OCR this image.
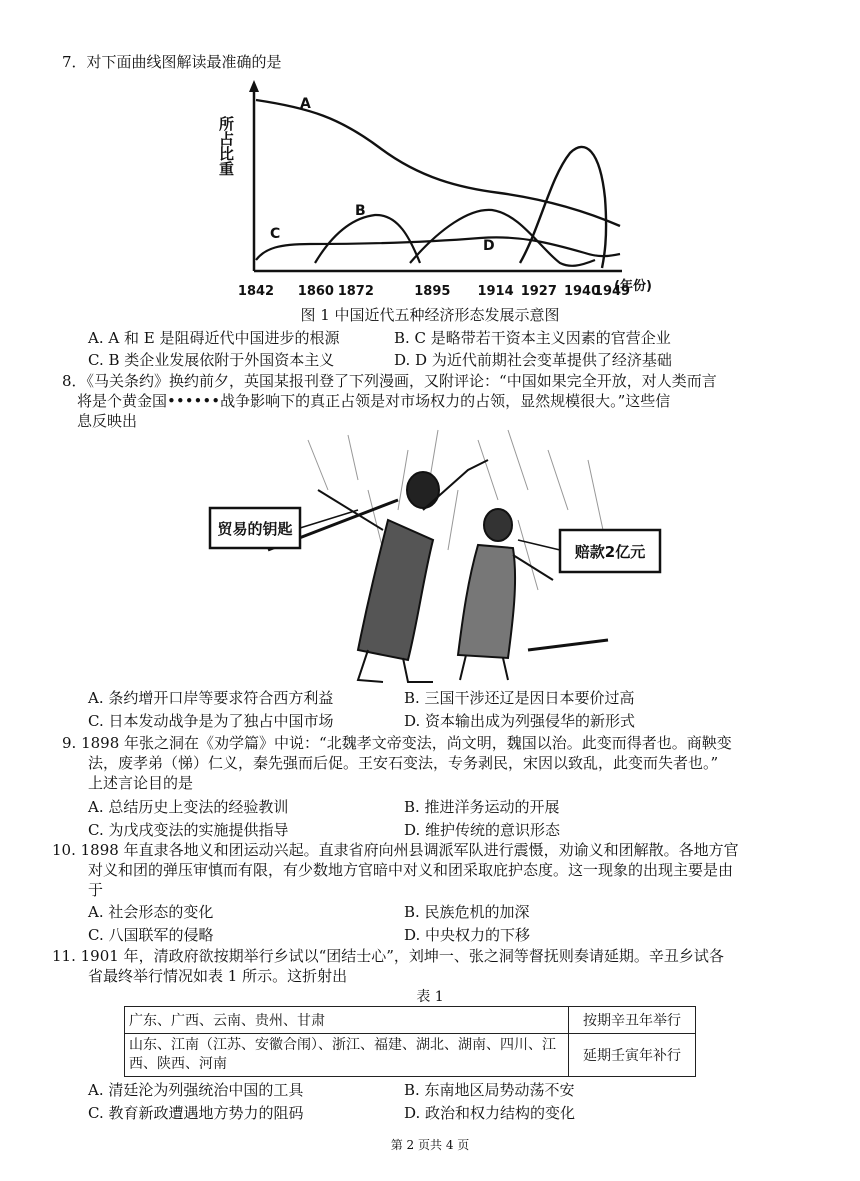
7．对下面曲线图解读最准确的是
所占比重
A
B
C
D
1842 1860 1872	1895 1914 1927 1940
1949
(年份)
图 1 中国近代五种经济形态发展示意图
A. A 和 E 是阻碍近代中国进步的根源	B. C 是略带若干资本主义因素的官营企业
C. B 类企业发展依附于外国资本主义	D. D 为近代前期社会变革提供了经济基础
8．《马关条约》换约前夕，英国某报刊登了下列漫画，又附评论：“中国如果完全开放，对人类而言
将是个黄金国••••••战争影响下的真正占领是对市场权力的占领，显然规模很大。”这些信
息反映出
贸易的钥匙
赔款2亿元
A. 条约增开口岸等要求符合西方利益	B. 三国干涉还辽是因日本要价过高
C. 日本发动战争是为了独占中国市场	D. 资本输出成为列强侵华的新形式
9. 1898 年张之洞在《劝学篇》中说：“北魏孝文帝变法，尚文明，魏国以治。此变而得者也。商鞅变
法，废孝弟（悌）仁义，秦先强而后促。王安石变法，专务剥民，宋因以致乱，此变而失者也。”
上述言论目的是
A. 总结历史上变法的经验教训	B. 推进洋务运动的开展
C. 为戊戌变法的实施提供指导	D. 维护传统的意识形态
10. 1898 年直隶各地义和团运动兴起。直隶省府向州县调派军队进行震慑，劝谕义和团解散。各地方官
对义和团的弹压审慎而有限，有少数地方官暗中对义和团采取庇护态度。这一现象的出现主要是由
于
A. 社会形态的变化	B. 民族危机的加深
C. 八国联军的侵略	D. 中央权力的下移
11. 1901 年，清政府欲按期举行乡试以“团结士心”，刘坤一、张之洞等督抚则奏请延期。辛丑乡试各
省最终举行情况如表 1 所示。这折射出
表 1
广东、广西、云南、贵州、甘肃	按期辛丑年举行
山东、江南（江苏、安徽合闱）、浙江、福建、湖北、湖南、四川、江西、陕西、河南	延期壬寅年补行
A. 清廷沦为列强统治中国的工具	B. 东南地区局势动荡不安
C. 教育新政遭遇地方势力的阻码	D. 政治和权力结构的变化
第 2 页共 4 页
